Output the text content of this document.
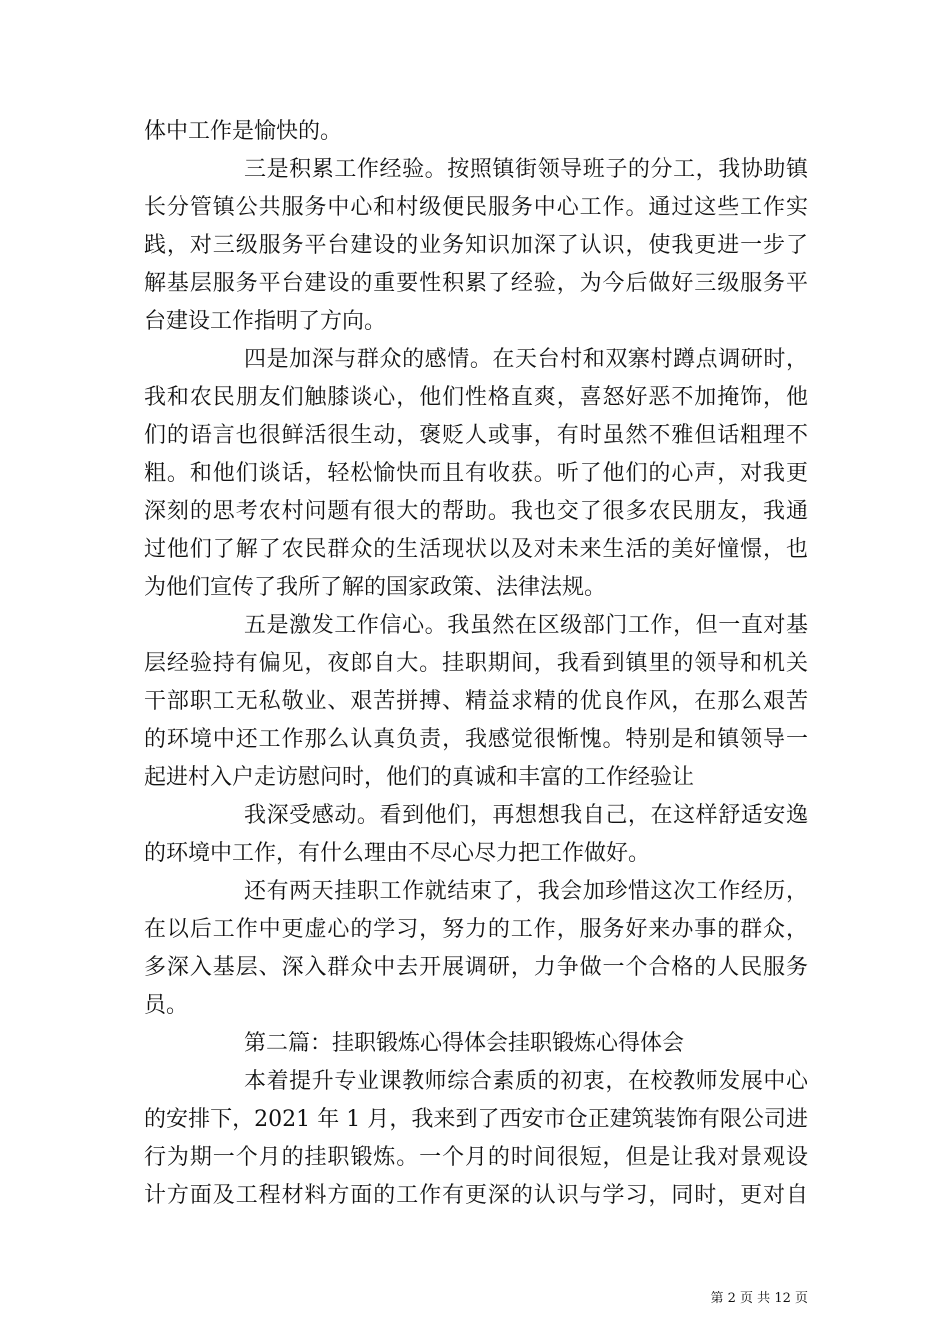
体中工作是愉快的。
三是积累工作经验。按照镇街领导班子的分工，我协助镇
长分管镇公共服务中心和村级便民服务中心工作。通过这些工作实
践，对三级服务平台建设的业务知识加深了认识，使我更进一步了
解基层服务平台建设的重要性积累了经验，为今后做好三级服务平
台建设工作指明了方向。
四是加深与群众的感情。在天台村和双寨村蹲点调研时，
我和农民朋友们触膝谈心，他们性格直爽，喜怒好恶不加掩饰，他
们的语言也很鲜活很生动，褒贬人或事，有时虽然不雅但话粗理不
粗。和他们谈话，轻松愉快而且有收获。听了他们的心声，对我更
深刻的思考农村问题有很大的帮助。我也交了很多农民朋友，我通
过他们了解了农民群众的生活现状以及对未来生活的美好憧憬，也
为他们宣传了我所了解的国家政策、法律法规。
五是激发工作信心。我虽然在区级部门工作，但一直对基
层经验持有偏见，夜郎自大。挂职期间，我看到镇里的领导和机关
干部职工无私敬业、艰苦拼搏、精益求精的优良作风，在那么艰苦
的环境中还工作那么认真负责，我感觉很惭愧。特别是和镇领导一
起进村入户走访慰问时，他们的真诚和丰富的工作经验让
我深受感动。看到他们，再想想我自己，在这样舒适安逸
的环境中工作，有什么理由不尽心尽力把工作做好。
还有两天挂职工作就结束了，我会加珍惜这次工作经历，
在以后工作中更虚心的学习，努力的工作，服务好来办事的群众，
多深入基层、深入群众中去开展调研，力争做一个合格的人民服务
员。
第二篇：挂职锻炼心得体会挂职锻炼心得体会
本着提升专业课教师综合素质的初衷，在校教师发展中心
的安排下，2021 年 1 月，我来到了西安市仓正建筑装饰有限公司进
行为期一个月的挂职锻炼。一个月的时间很短，但是让我对景观设
计方面及工程材料方面的工作有更深的认识与学习，同时，更对自
第 2 页 共 12 页
